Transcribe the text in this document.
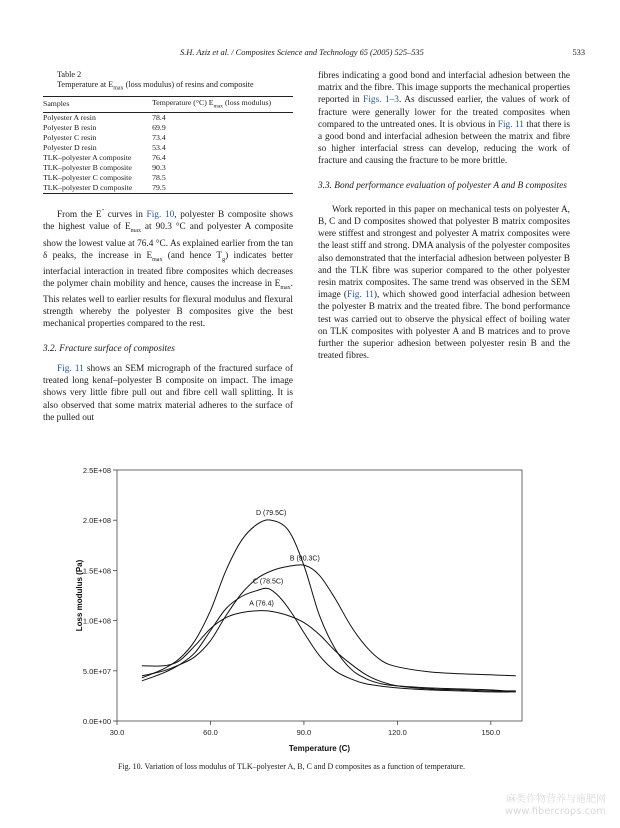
S.H. Aziz et al. / Composites Science and Technology 65 (2005) 525–535	533

Table 2

Temperature at $E_{max}$ (loss modulus) of resins and composite

Samples	Temperature (°C) $E_{max}$ (loss modulus)
Polyester A resin	78.4
Polyester B resin	69.9
Polyester C resin	73.4
Polyester D resin	53.4
TLK–polyester A composite	76.4
TLK–polyester B composite	90.3
TLK–polyester C composite	78.5
TLK–polyester D composite	79.5

From the E″ curves in Fig. 10, polyester B composite shows the highest value of $E_{max}$ at 90.3 °C and polyester A composite show the lowest value at 76.4 °C. As explained earlier from the tan δ peaks, the increase in $E_{max}$ (and hence $T_g$) indicates better interfacial interaction in treated fibre composites which decreases the polymer chain mobility and hence, causes the increase in $E_{max}$. This relates well to earlier results for flexural modulus and flexural strength whereby the polyester B composites give the best mechanical properties compared to the rest.

3.2. Fracture surface of composites

Fig. 11 shows an SEM micrograph of the fractured surface of treated long kenaf–polyester B composite on impact. The image shows very little fibre pull out and fibre cell wall splitting. It is also observed that some matrix material adheres to the surface of the pulled out

fibres indicating a good bond and interfacial adhesion between the matrix and the fibre. This image supports the mechanical properties reported in Figs. 1–3. As discussed earlier, the values of work of fracture were generally lower for the treated composites when compared to the untreated ones. It is obvious in Fig. 11 that there is a good bond and interfacial adhesion between the matrix and fibre so higher interfacial stress can develop, reducing the work of fracture and causing the fracture to be more brittle.

3.3. Bond performance evaluation of polyester A and B composites

Work reported in this paper on mechanical tests on polyester A, B, C and D composites showed that polyester B matrix composites were stiffest and strongest and polyester A matrix composites were the least stiff and strong. DMA analysis of the polyester composites also demonstrated that the interfacial adhesion between polyester B and the TLK fibre was superior compared to the other polyester resin matrix composites. The same trend was observed in the SEM image (Fig. 11), which showed good interfacial adhesion between the polyester B matrix and the treated fibre. The bond performance test was carried out to observe the physical effect of boiling water on TLK composites with polyester A and B matrices and to prove further the superior adhesion between polyester resin B and the treated fibres.

0.0E+00
5.0E+07
1.0E+08
1.5E+08
2.0E+08
2.5E+08
30.0	60.0	90.0	120.0	150.0
Temperature (C)
Loss modulus (Pa)
D (79.5C)
B (90.3C)
C (78.5C)
A (76.4)
Fig. 10. Variation of loss modulus of TLK–polyester A, B, C and D composites as a function of temperature.
麻类作物营养与施肥网
www.fibercrops.com
